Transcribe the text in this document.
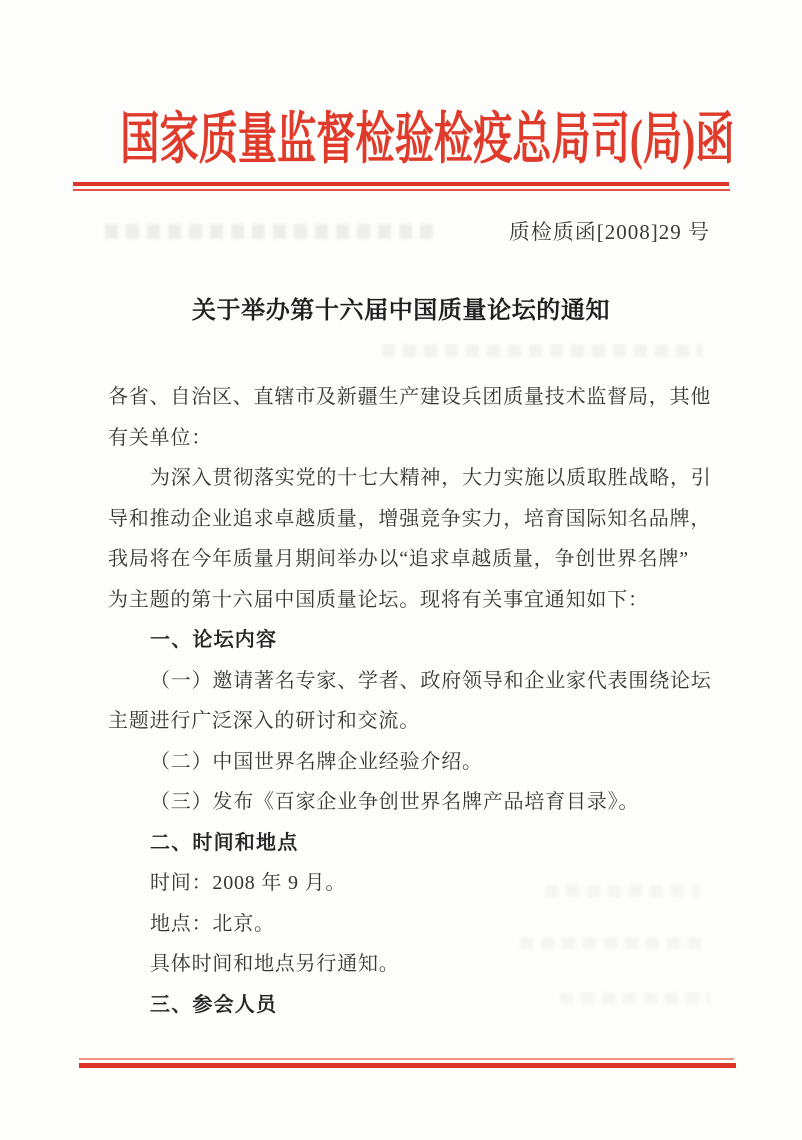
国家质量监督检验检疫总局司(局)函
质检质函[2008]29 号
关于举办第十六届中国质量论坛的通知
各省、自治区、直辖市及新疆生产建设兵团质量技术监督局，其他
有关单位：
为深入贯彻落实党的十七大精神，大力实施以质取胜战略，引
导和推动企业追求卓越质量，增强竞争实力，培育国际知名品牌，
我局将在今年质量月期间举办以“追求卓越质量，争创世界名牌”
为主题的第十六届中国质量论坛。现将有关事宜通知如下：
一、论坛内容
（一）邀请著名专家、学者、政府领导和企业家代表围绕论坛
主题进行广泛深入的研讨和交流。
（二）中国世界名牌企业经验介绍。
（三）发布《百家企业争创世界名牌产品培育目录》。
二、时间和地点
时间：2008 年 9 月。
地点：北京。
具体时间和地点另行通知。
三、参会人员
